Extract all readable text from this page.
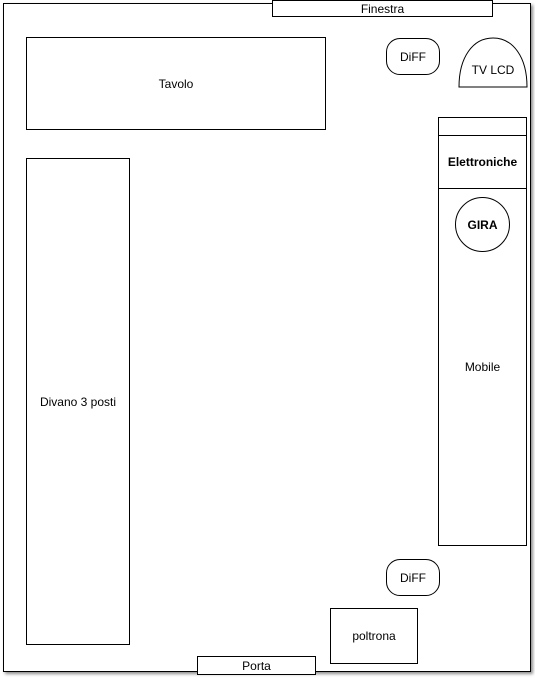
Finestra
Porta
Tavolo
Divano 3 posti
DiFF
TV LCD
Elettroniche
Mobile
GIRA
DiFF
poltrona
